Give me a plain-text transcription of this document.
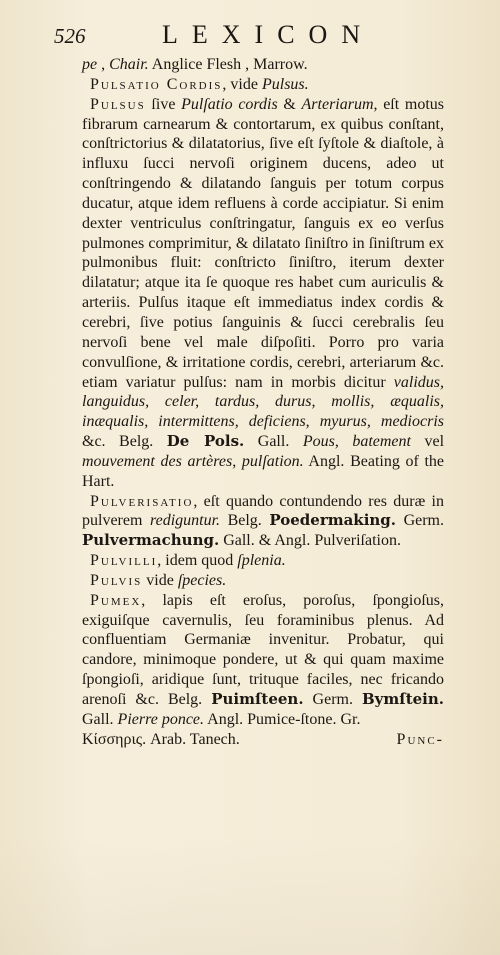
526	LEXICON

pe , Chair. Anglice Flesh , Marrow.

Pulsatio Cordis, vide Pulsus.

Pulsus ſive Pulſatio cordis & Arteriarum, eſt motus fibrarum carnearum & contortarum, ex quibus conſtant, conſtrictorius & dilatatorius, ſive eſt ſyſtole & diaſtole, à influxu ſucci nervoſi originem ducens, adeo ut conſtringendo & dilatando ſanguis per totum corpus ducatur, atque idem refluens à corde accipiatur. Si enim dexter ventriculus conſtringatur, ſanguis ex eo verſus pulmones comprimitur, & dilatato ſiniſtro in ſiniſtrum ex pulmonibus fluit: conſtricto ſiniſtro, iterum dexter dilatatur; atque ita ſe quoque res habet cum auriculis & arteriis. Pulſus itaque eſt immediatus index cordis & cerebri, ſive potius ſanguinis & ſucci cerebralis ſeu nervoſi bene vel male diſpoſiti. Porro pro varia convulſione, & irritatione cordis, cerebri, arteriarum &c. etiam variatur pulſus: nam in morbis dicitur validus, languidus, celer, tardus, durus, mollis, æqualis, inæqualis, intermittens, deficiens, myurus, mediocris &c. Belg. De Pols. Gall. Pous, batement vel mouvement des artères, pulſation. Angl. Beating of the Hart.

Pulverisatio, eſt quando contundendo res duræ in pulverem rediguntur. Belg. Poedermaking. Germ. Pulvermachung. Gall. & Angl. Pulveriſation.

Pulvilli, idem quod ſplenia.

Pulvis vide ſpecies.

Pumex, lapis eſt eroſus, poroſus, ſpongioſus, exiguiſque cavernulis, ſeu foraminibus plenus. Ad confluentiam Germaniæ invenitur. Probatur, qui candore, minimoque pondere, ut & qui quam maxime ſpongioſi, aridique ſunt, trituque faciles, nec fricando arenoſi &c. Belg. Puimſteen. Germ. Bymſtein. Gall. Pierre ponce. Angl. Pumice-ſtone. Gr.

Κίσσηρις. Arab. Tanech.	Punc-
